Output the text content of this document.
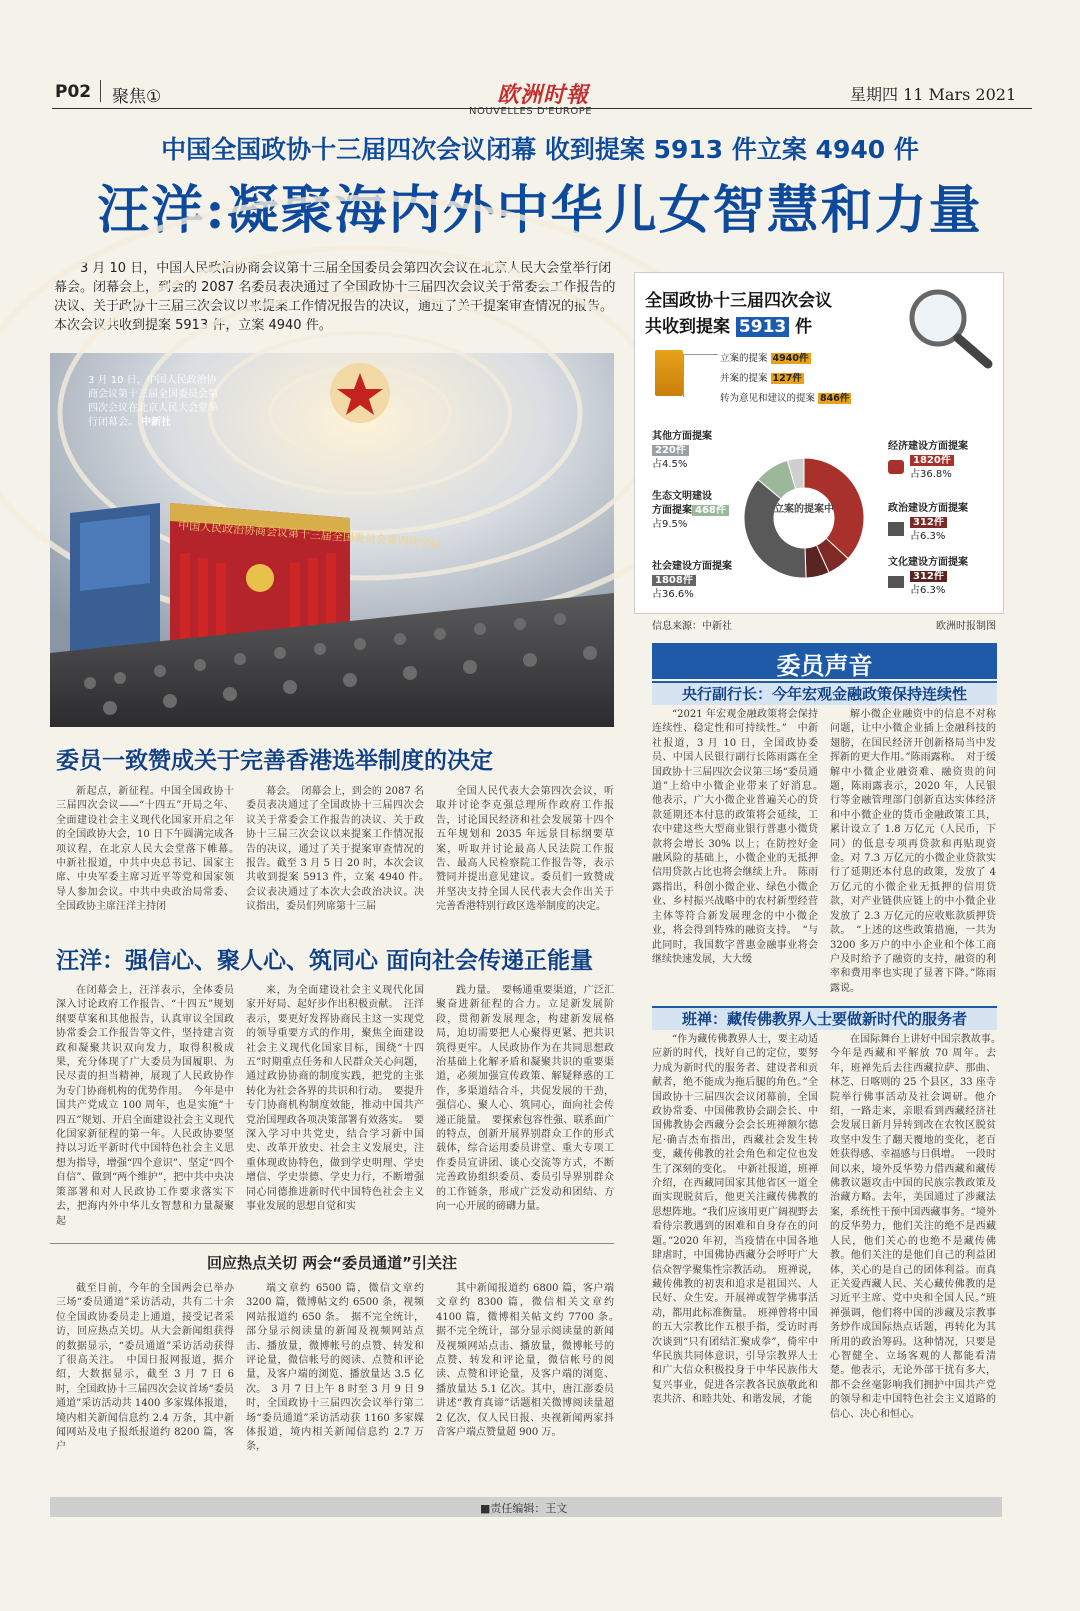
P02 聚焦①	欧洲时報
NOUVELLES D'EUROPE
星期四 11 Mars 2021
中国全国政协十三届四次会议闭幕 收到提案 5913 件立案 4940 件
汪洋:凝聚海内外中华儿女智慧和力量
3 月 10 日，中国人民政治协商会议第十三届全国委员会第四次会议在北京人民大会堂举行闭幕会。闭幕会上，到会的 2087 名委员表决通过了全国政协十三届四次会议关于常委会工作报告的决议、关于政协十三届三次会议以来提案工作情况报告的决议，通过了关于提案审查情况的报告。本次会议共收到提案 5913 件，立案 4940 件。
中国人民政治协商会议第十三届全国委员会第四次会议
3 月 10 日，中国人民政治协商会议第十三届全国委员会第四次会议在北京人民大会堂举行闭幕会。 中新社
全国政协十三届四次会议
共收到提案 5913 件
立案的提案 4940件
并案的提案 127件
转为意见和建议的提案 846件
立案的提案中
其他方面提案
220件
占4.5%
生态文明建设
方面提案 468件
占9.5%
社会建设方面提案
1808件
占36.6%
经济建设方面提案
1820件
占36.8%
政治建设方面提案
312件
占6.3%
文化建设方面提案
312件
占6.3%
信息来源：中新社	欧洲时报制图
委员一致赞成关于完善香港选举制度的决定

新起点，新征程。中国全国政协十三届四次会议——“十四五”开局之年、全面建设社会主义现代化国家开启之年的全国政协大会，10 日下午圆满完成各项议程，在北京人民大会堂落下帷幕。　中新社报道，中共中央总书记、国家主席、中央军委主席习近平等党和国家领导人参加会议。中共中央政治局常委、全国政协主席汪洋主持闭

幕会。　闭幕会上，到会的 2087 名委员表决通过了全国政协十三届四次会议关于常委会工作报告的决议、关于政协十三届三次会议以来提案工作情况报告的决议，通过了关于提案审查情况的报告。截至 3 月 5 日 20 时，本次会议共收到提案 5913 件，立案 4940 件。　会议表决通过了本次大会政治决议。决议指出，委员们列席第十三届

全国人民代表大会第四次会议，听取并讨论李克强总理所作政府工作报告，讨论国民经济和社会发展第十四个五年规划和 2035 年远景目标纲要草案，听取并讨论最高人民法院工作报告、最高人民检察院工作报告等，表示赞同并提出意见建议。委员们一致赞成并坚决支持全国人民代表大会作出关于完善香港特别行政区选举制度的决定。

汪洋：强信心、聚人心、筑同心 面向社会传递正能量

在闭幕会上，汪洋表示，全体委员深入讨论政府工作报告、“十四五”规划纲要草案和其他报告，认真审议全国政协常委会工作报告等文件，坚持建言资政和凝聚共识双向发力，取得积极成果，充分体现了广大委员为国履职、为民尽责的担当精神，展现了人民政协作为专门协商机构的优势作用。　今年是中国共产党成立 100 周年，也是实施“十四五”规划、开启全面建设社会主义现代化国家新征程的第一年。人民政协要坚持以习近平新时代中国特色社会主义思想为指导，增强“四个意识”、坚定“四个自信”、做到“两个维护”，把中共中央决策部署和对人民政协工作要求落实下去，把海内外中华儿女智慧和力量凝聚起

来，为全面建设社会主义现代化国家开好局、起好步作出积极贡献。　汪洋表示，要更好发挥协商民主这一实现党的领导重要方式的作用，聚焦全面建设社会主义现代化国家目标，围绕“十四五”时期重点任务和人民群众关心问题，通过政协协商的制度实践，把党的主张转化为社会各界的共识和行动。　要提升专门协商机构制度效能，推动中国共产党治国理政各项决策部署有效落实。　要深入学习中共党史，结合学习新中国史、改革开放史、社会主义发展史，注重体现政协特色，做到学史明理、学史增信、学史崇德、学史力行，不断增强同心同德推进新时代中国特色社会主义事业发展的思想自觉和实

践力量。　要畅通重要渠道，广泛汇聚奋进新征程的合力。立足新发展阶段，贯彻新发展理念，构建新发展格局，迫切需要把人心聚得更紧、把共识筑得更牢。人民政协作为在共同思想政治基础上化解矛盾和凝聚共识的重要渠道，必须加强宣传政策、解疑释惑的工作，多渠道结合斗，共促发展的干劲，强信心、聚人心、筑同心，面向社会传递正能量。　要探索包容性强、联系面广的特点，创新开展界别群众工作的形式载体，综合运用委员讲堂、重大专项工作委员宣讲团、谈心交流等方式，不断完善政协组织委员、委员引导界别群众的工作链条，形成广泛发动和团结、方向一心开展的磅礴力量。

回应热点关切 两会“委员通道”引关注

截至目前，今年的全国两会已举办三场“委员通道”采访活动，共有二十余位全国政协委员走上通道，接受记者采访，回应热点关切。从大会新闻组获得的数据显示，“委员通道”采访活动获得了很高关注。　中国日报网报道，据介绍，大数据显示，截至 3 月 7 日 6 时，全国政协十三届四次会议首场“委员通道”采访活动共 1400 多家媒体报道，境内相关新闻信息约 2.4 万条，其中新闻网站及电子报纸报道约 8200 篇，客户

端文章约 6500 篇，微信文章约 3200 篇，微博帖文约 6500 条，视频网站报道约 650 条。　据不完全统计，部分显示阅读量的新闻及视频网站点击、播放量，微博帐号的点赞、转发和评论量，微信帐号的阅读、点赞和评论量，及客户端的浏览、播放量达 3.5 亿次。　3 月 7 日上午 8 时至 3 月 9 日 9 时，全国政协十三届四次会议举行第二场“委员通道”采访活动获 1160 多家媒体报道，境内相关新闻信息约 2.7 万条，

其中新闻报道约 6800 篇，客户端文章约 8300 篇，微信相关文章约 4100 篇，微博相关帖文约 7700 条。　据不完全统计，部分显示阅读量的新闻及视频网站点击、播放量，微博帐号的点赞、转发和评论量，微信帐号的阅读、点赞和评论量，及客户端的浏览、播放量达 5.1 亿次。其中，唐江澎委员讲述“教育真谛”话题相关微博阅读量超 2 亿次，仅人民日报、央视新闻两家抖音客户端点赞量超 900 万。

委员声音
央行副行长：今年宏观金融政策保持连续性

“2021 年宏观金融政策将会保持连续性、稳定性和可持续性。”　中新社报道，3 月 10 日，全国政协委员、中国人民银行副行长陈雨露在全国政协十三届四次会议第三场“委员通道”上给中小微企业带来了好消息。　他表示，广大小微企业普遍关心的贷款延期还本付息的政策将会延续，工农中建这些大型商业银行普惠小微贷款将会增长 30% 以上；在防控好金融风险的基础上，小微企业的无抵押信用贷款占比也将会继续上升。　陈雨露指出，科创小微企业、绿色小微企业、乡村振兴战略中的农村新型经营主体等符合新发展理念的中小微企业，将会得到特殊的融资支持。　“与此同时，我国数字普惠金融事业将会继续快速发展，大大缓

解小微企业融资中的信息不对称问题，让中小微企业插上金融科技的翅膀，在国民经济开创新格局当中发挥新的更大作用。”陈雨露称。　对于缓解中小微企业融资难、融资贵的问题，陈雨露表示，2020 年，人民银行等金融管理部门创新直达实体经济和中小微企业的货币金融政策工具，累计设立了 1.8 万亿元（人民币，下同）的低息专项再贷款和再贴现资金。对 7.3 万亿元的小微企业贷款实行了延期还本付息的政策，发放了 4 万亿元的小微企业无抵押的信用贷款，对产业链供应链上的中小微企业发放了 2.3 万亿元的应收账款质押贷款。　“上述的这些政策措施，一共为 3200 多万户的中小企业和个体工商户及时给予了融资的支持，融资的利率和费用率也实现了显著下降。”陈雨露说。

班禅：藏传佛教界人士要做新时代的服务者

“作为藏传佛教界人士，要主动适应新的时代，找好自己的定位，要努力成为新时代的服务者、建设者和贡献者，绝不能成为拖后腿的角色。”全国政协十三届四次会议闭幕前，全国政协常委、中国佛教协会副会长、中国佛教协会西藏分会会长班禅额尔德尼·确吉杰布指出，西藏社会发生转变，藏传佛教的社会角色和定位也发生了深刻的变化。　中新社报道，班禅介绍，在西藏同国家其他省区一道全面实现脱贫后，他更关注藏传佛教的思想阵地。“我们应该用更广阔视野去看待宗教遇到的困难和自身存在的问题。”2020 年初，当疫情在中国各地肆虐时，中国佛协西藏分会呼吁广大信众智学聚集性宗教活动。　班禅说，藏传佛教的初衷和追求是祖国兴、人民好、众生安。开展禅或智学佛事活动，都用此标准衡量。　班禅曾将中国的五大宗教比作五根手指，受访时再次谈到“只有团结汇聚成拳”，倚牢中华民族共同体意识，引导宗教界人士和广大信众积极投身于中华民族伟大复兴事业，促进各宗教各民族敬此和衷共济、和睦共处、和谐发展，才能

在国际舞台上讲好中国宗教故事。　今年是西藏和平解放 70 周年。去年，班禅先后去往西藏拉萨、那曲、林芝、日喀则的 25 个县区，33 座寺院举行佛事活动及社会调研。他介绍，一路走来，亲眼看到西藏经济社会发展日新月异转到改在农牧区脱贫攻坚中发生了翻天覆地的变化，老百姓获得感、幸福感与日俱增。　一段时间以来，境外反华势力借西藏和藏传佛教议题攻击中国的民族宗教政策及治藏方略。去年，美国通过了涉藏法案，系统性干预中国西藏事务。“境外的反华势力，他们关注的绝不是西藏人民，他们关心的也绝不是藏传佛教。他们关注的是他们自己的利益团体，关心的是自己的团体利益。而真正关爱西藏人民、关心藏传佛教的是习近平主席、党中央和全国人民。”班禅强调，他们将中国的涉藏及宗教事务炒作成国际热点话题，再转化为其所用的政治筹码。这种情况，只要是心智健全、立场客观的人都能看清楚。他表示，无论外部干扰有多大，都不会丝毫影响我们拥护中国共产党的领导和走中国特色社会主义道路的信心、决心和恒心。

■责任编辑：王文
